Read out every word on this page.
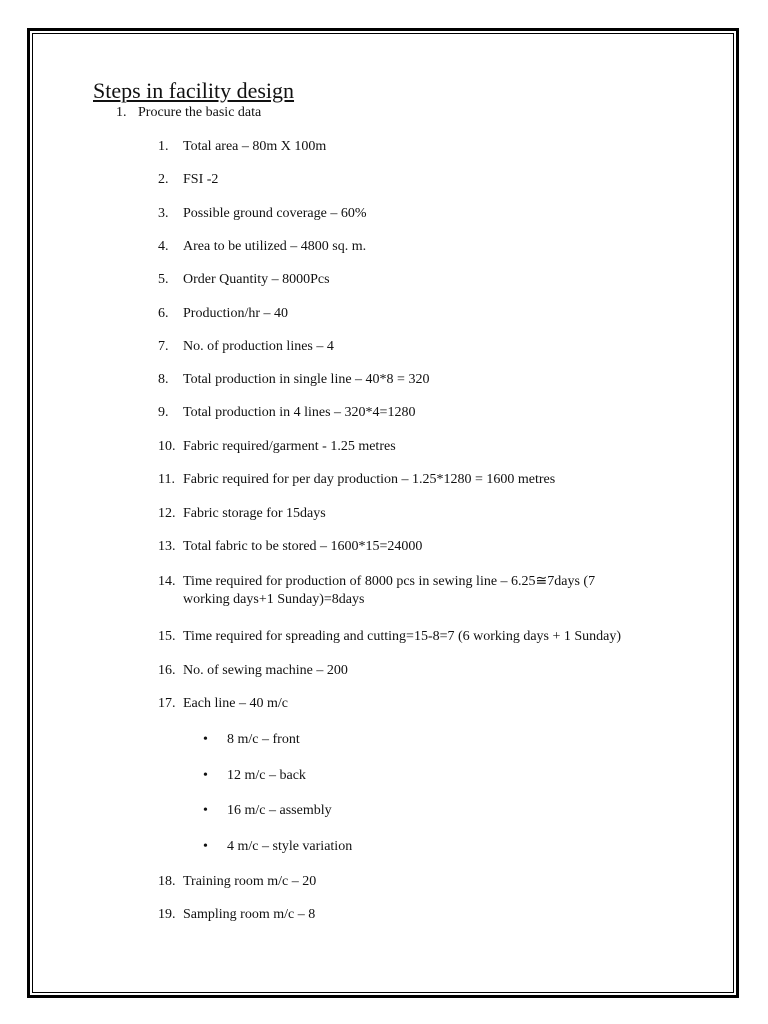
Steps in facility design
1. Procure the basic data
1. Total area – 80m X 100m
2. FSI -2
3. Possible ground coverage – 60%
4. Area to be utilized – 4800 sq. m.
5. Order Quantity – 8000Pcs
6. Production/hr – 40
7. No. of production lines – 4
8. Total production in single line – 40*8 = 320
9. Total production in 4 lines – 320*4=1280
10. Fabric required/garment - 1.25 metres
11. Fabric required for per day production – 1.25*1280 = 1600 metres
12. Fabric storage for 15days
13. Total fabric to be stored – 1600*15=24000
14. Time required for production of 8000 pcs in sewing line – 6.25≅7days (7
working days+1 Sunday)=8days
15. Time required for spreading and cutting=15-8=7 (6 working days + 1 Sunday)
16. No. of sewing machine – 200
17. Each line – 40 m/c
• 8 m/c – front
• 12 m/c – back
• 16 m/c – assembly
• 4 m/c – style variation
18. Training room m/c – 20
19. Sampling room m/c – 8
